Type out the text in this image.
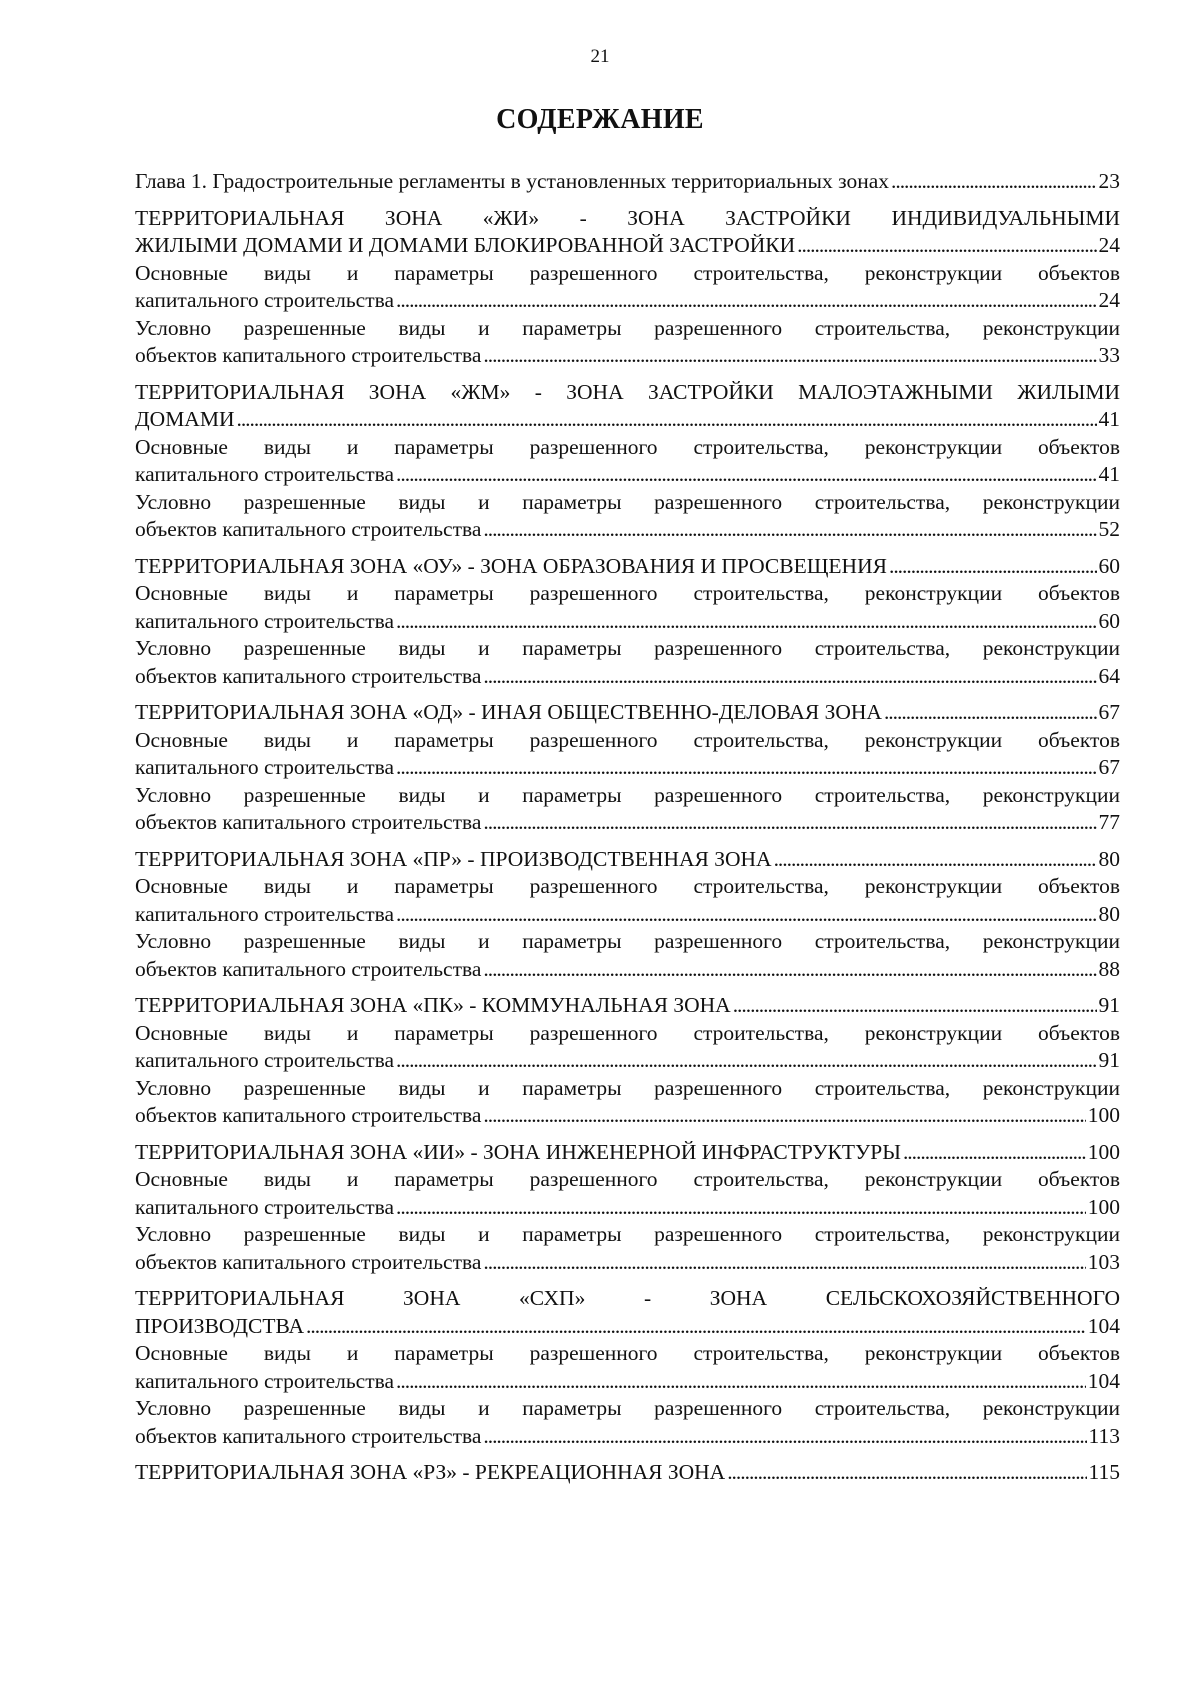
21
СОДЕРЖАНИЕ
Глава 1. Градостроительные регламенты в установленных территориальных зонах . . .	23
ТЕРРИТОРИАЛЬНАЯ ЗОНА «ЖИ» - ЗОНА ЗАСТРОЙКИ ИНДИВИДУАЛЬНЫМИ
ЖИЛЫМИ ДОМАМИ И ДОМАМИ БЛОКИРОВАННОЙ ЗАСТРОЙКИ . . .	24
Основные виды и параметры разрешенного строительства, реконструкции объектов
капитального строительства . . .	24
Условно разрешенные виды и параметры разрешенного строительства, реконструкции
объектов капитального строительства . . .	33
ТЕРРИТОРИАЛЬНАЯ ЗОНА «ЖМ» - ЗОНА ЗАСТРОЙКИ МАЛОЭТАЖНЫМИ ЖИЛЫМИ
ДОМАМИ . . .	41
Основные виды и параметры разрешенного строительства, реконструкции объектов
капитального строительства . . .	41
Условно разрешенные виды и параметры разрешенного строительства, реконструкции
объектов капитального строительства . . .	52
ТЕРРИТОРИАЛЬНАЯ ЗОНА «ОУ» - ЗОНА ОБРАЗОВАНИЯ И ПРОСВЕЩЕНИЯ . . .	60
Основные виды и параметры разрешенного строительства, реконструкции объектов
капитального строительства . . .	60
Условно разрешенные виды и параметры разрешенного строительства, реконструкции
объектов капитального строительства . . .	64
ТЕРРИТОРИАЛЬНАЯ ЗОНА «ОД» - ИНАЯ ОБЩЕСТВЕННО-ДЕЛОВАЯ ЗОНА . . .	67
Основные виды и параметры разрешенного строительства, реконструкции объектов
капитального строительства . . .	67
Условно разрешенные виды и параметры разрешенного строительства, реконструкции
объектов капитального строительства . . .	77
ТЕРРИТОРИАЛЬНАЯ ЗОНА «ПР» - ПРОИЗВОДСТВЕННАЯ ЗОНА . . .	80
Основные виды и параметры разрешенного строительства, реконструкции объектов
капитального строительства . . .	80
Условно разрешенные виды и параметры разрешенного строительства, реконструкции
объектов капитального строительства . . .	88
ТЕРРИТОРИАЛЬНАЯ ЗОНА «ПК» - КОММУНАЛЬНАЯ ЗОНА . . .	91
Основные виды и параметры разрешенного строительства, реконструкции объектов
капитального строительства . . .	91
Условно разрешенные виды и параметры разрешенного строительства, реконструкции
объектов капитального строительства . . .	100
ТЕРРИТОРИАЛЬНАЯ ЗОНА «ИИ» - ЗОНА ИНЖЕНЕРНОЙ ИНФРАСТРУКТУРЫ . . .	100
Основные виды и параметры разрешенного строительства, реконструкции объектов
капитального строительства . . .	100
Условно разрешенные виды и параметры разрешенного строительства, реконструкции
объектов капитального строительства . . .	103
ТЕРРИТОРИАЛЬНАЯ ЗОНА «СХП» - ЗОНА СЕЛЬСКОХОЗЯЙСТВЕННОГО
ПРОИЗВОДСТВА . . .	104
Основные виды и параметры разрешенного строительства, реконструкции объектов
капитального строительства . . .	104
Условно разрешенные виды и параметры разрешенного строительства, реконструкции
объектов капитального строительства . . .	113
ТЕРРИТОРИАЛЬНАЯ ЗОНА «РЗ» - РЕКРЕАЦИОННАЯ ЗОНА . . .	115
